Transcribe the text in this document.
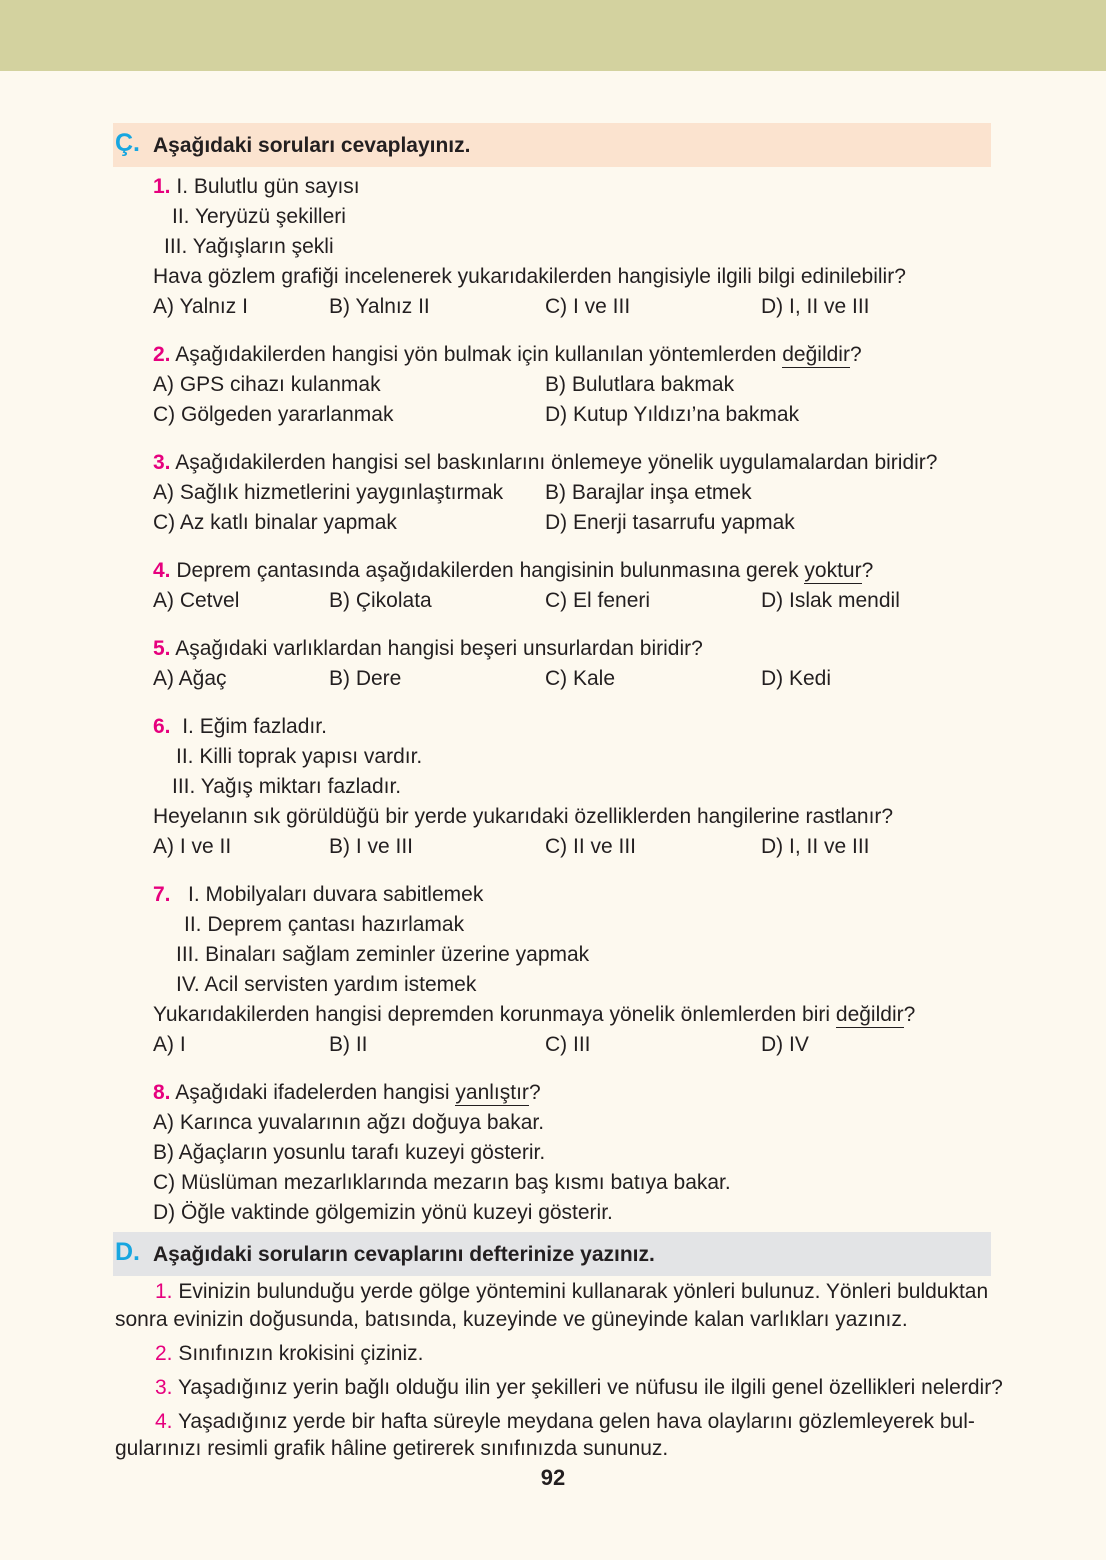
Ç. Aşağıdaki soruları cevaplayınız.
1. I. Bulutlu gün sayısı
II. Yeryüzü şekilleri
III. Yağışların şekli
Hava gözlem grafiği incelenerek yukarıdakilerden hangisiyle ilgili bilgi edinilebilir?
A) Yalnız I	B) Yalnız II	C) I ve III	D) I, II ve III
2. Aşağıdakilerden hangisi yön bulmak için kullanılan yöntemlerden değildir?
A) GPS cihazı kulanmak	B) Bulutlara bakmak
C) Gölgeden yararlanmak	D) Kutup Yıldızı’na bakmak
3. Aşağıdakilerden hangisi sel baskınlarını önlemeye yönelik uygulamalardan biridir?
A) Sağlık hizmetlerini yaygınlaştırmak B) Barajlar inşa etmek
C) Az katlı binalar yapmak	D) Enerji tasarrufu yapmak
4. Deprem çantasında aşağıdakilerden hangisinin bulunmasına gerek yoktur?
A) Cetvel	B) Çikolata	C) El feneri	D) Islak mendil
5. Aşağıdaki varlıklardan hangisi beşeri unsurlardan biridir?
A) Ağaç	B) Dere	C) Kale	D) Kedi
6. I. Eğim fazladır.
II. Killi toprak yapısı vardır.
III. Yağış miktarı fazladır.
Heyelanın sık görüldüğü bir yerde yukarıdaki özelliklerden hangilerine rastlanır?
A) I ve II	B) I ve III	C) II ve III	D) I, II ve III
7. I. Mobilyaları duvara sabitlemek
II. Deprem çantası hazırlamak
III. Binaları sağlam zeminler üzerine yapmak
IV. Acil servisten yardım istemek
Yukarıdakilerden hangisi depremden korunmaya yönelik önlemlerden biri değildir?
A) I	B) II	C) III	D) IV
8. Aşağıdaki ifadelerden hangisi yanlıştır?
A) Karınca yuvalarının ağzı doğuya bakar.
B) Ağaçların yosunlu tarafı kuzeyi gösterir.
C) Müslüman mezarlıklarında mezarın baş kısmı batıya bakar.
D) Öğle vaktinde gölgemizin yönü kuzeyi gösterir.
D. Aşağıdaki soruların cevaplarını defterinize yazınız.
1. Evinizin bulunduğu yerde gölge yöntemini kullanarak yönleri bulunuz. Yönleri bulduktan
sonra evinizin doğusunda, batısında, kuzeyinde ve güneyinde kalan varlıkları yazınız.
2. Sınıfınızın krokisini çiziniz.
3. Yaşadığınız yerin bağlı olduğu ilin yer şekilleri ve nüfusu ile ilgili genel özellikleri nelerdir?
4. Yaşadığınız yerde bir hafta süreyle meydana gelen hava olaylarını gözlemleyerek bul-
gularınızı resimli grafik hâline getirerek sınıfınızda sununuz.
92
